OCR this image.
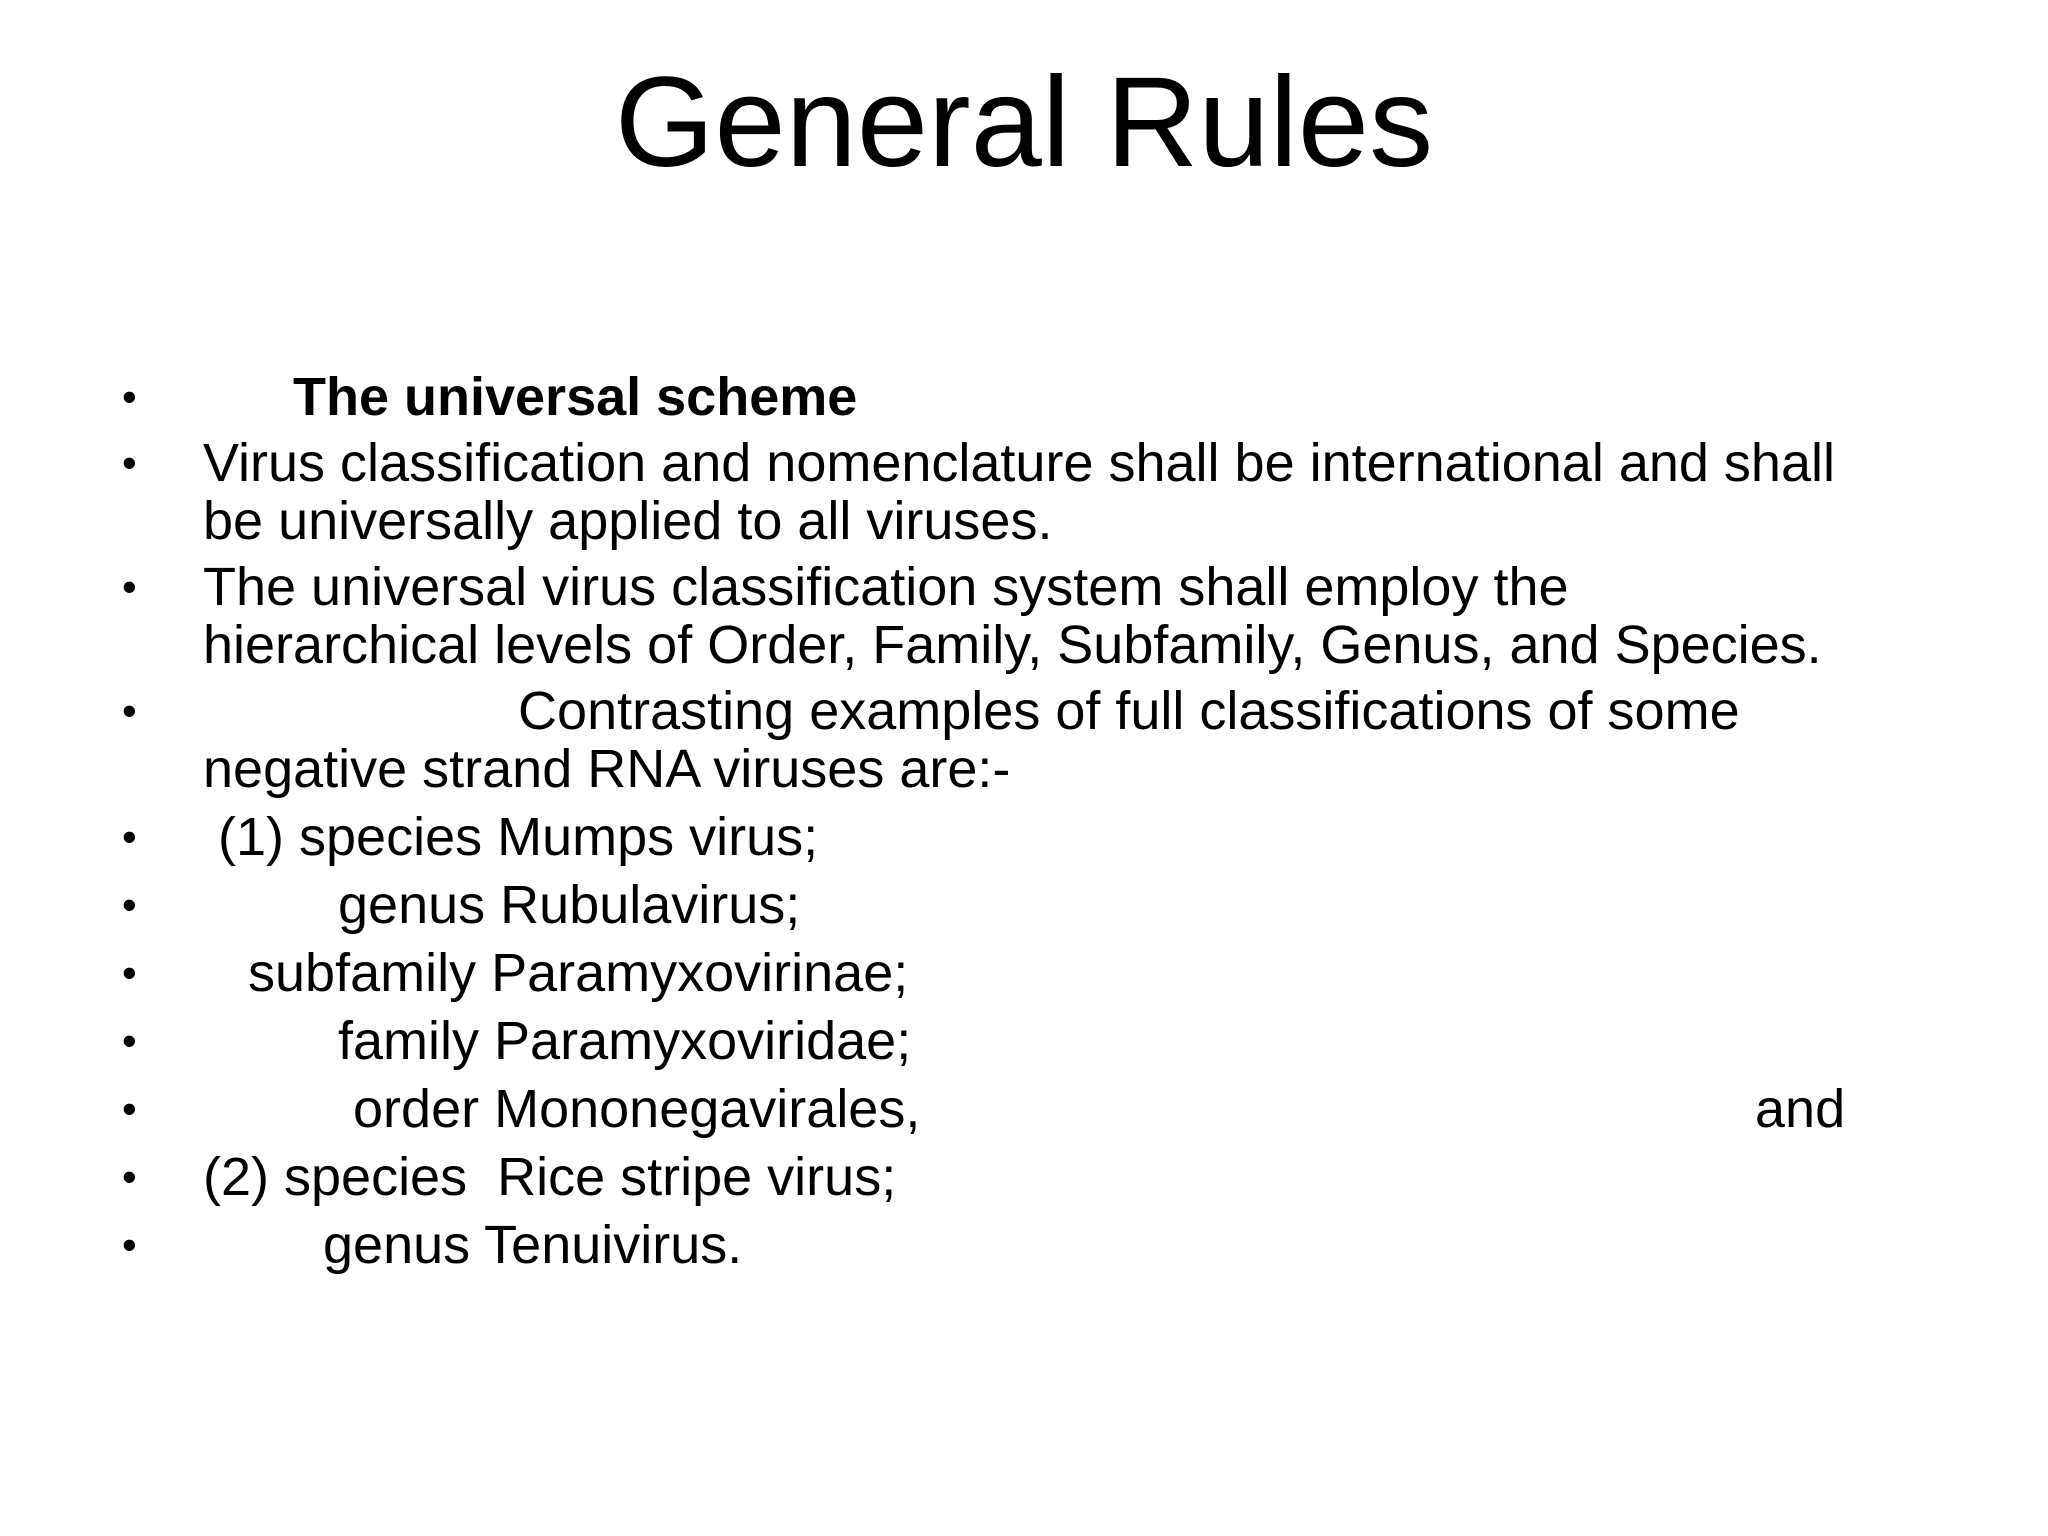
General Rules
• The universal scheme
• Virus classification and nomenclature shall be international and shall
be universally applied to all viruses.
• The universal virus classification system shall employ the
hierarchical levels of Order, Family, Subfamily, Genus, and Species.
• Contrasting examples of full classifications of some
negative strand RNA viruses are:-
• (1) species Mumps virus;
• genus Rubulavirus;
• subfamily Paramyxovirinae;
• family Paramyxoviridae;
• order Mononegavirales,	and
• (2) species  Rice stripe virus;
• genus Tenuivirus.
